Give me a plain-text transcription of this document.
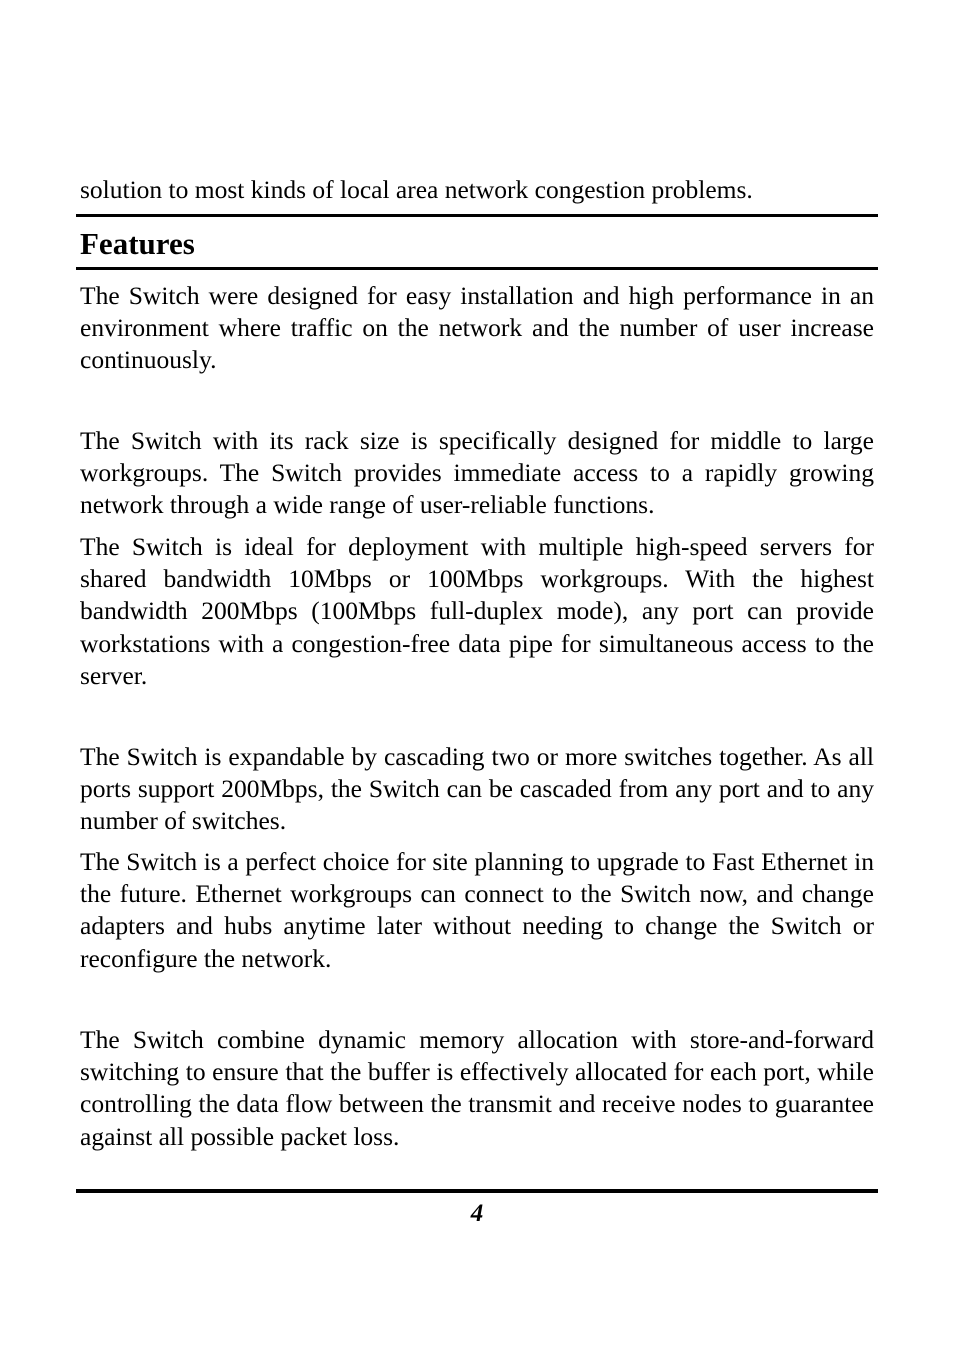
solution to most kinds of local area network congestion problems.

Features

The Switch were designed for easy installation and high performance in an environment where traffic on the network and the number of user increase continuously.

The Switch with its rack size is specifically designed for middle to large workgroups. The Switch provides immediate access to a rapidly growing network through a wide range of user-reliable functions.

The Switch is ideal for deployment with multiple high-speed servers for shared bandwidth 10Mbps or 100Mbps workgroups. With the highest bandwidth 200Mbps (100Mbps full-duplex mode), any port can provide workstations with a congestion-free data pipe for simultaneous access to the server.

The Switch is expandable by cascading two or more switches together. As all ports support 200Mbps, the Switch can be cascaded from any port and to any number of switches.

The Switch is a perfect choice for site planning to upgrade to Fast Ethernet in the future. Ethernet workgroups can connect to the Switch now, and change adapters and hubs anytime later without needing to change the Switch or reconfigure the network.

The Switch combine dynamic memory allocation with store-and-forward switching to ensure that the buffer is effectively allocated for each port, while controlling the data flow between the transmit and receive nodes to guarantee against all possible packet loss.

4
